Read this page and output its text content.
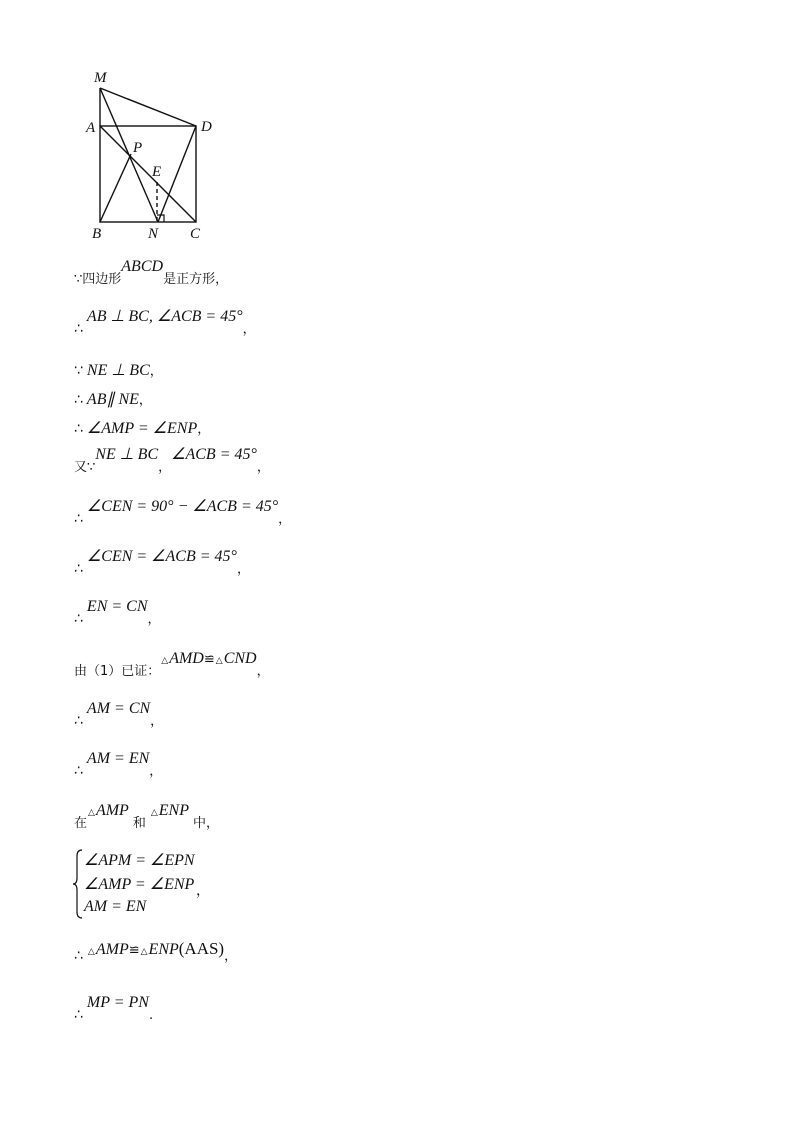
M
A	D
P
E
B	N C
∵四边形
ABCD
是正方形，
∴
AB ⊥ BC, ∠ACB = 45°
，
∵ NE ⊥ BC ，
∴ AB∥ NE ，
∴ ∠AMP = ∠ENP ，
又∵
NE ⊥ BC
，
∠ACB = 45°
，
∴
∠CEN = 90° − ∠ACB = 45°
，
∴
∠CEN = ∠ACB = 45°
，
∴
EN = CN
，
由（1）已证：
△ AMD ≌ △ CND
，
∴
AM = CN
，
∴
AM = EN
，
在
△ AMP
和
△ ENP
中，
∠APM = ∠EPN
∠AMP = ∠ENP
AM = EN
，
∴ △ AMP ≌ △ ENP (AAS) ，
∴
MP = PN
.
